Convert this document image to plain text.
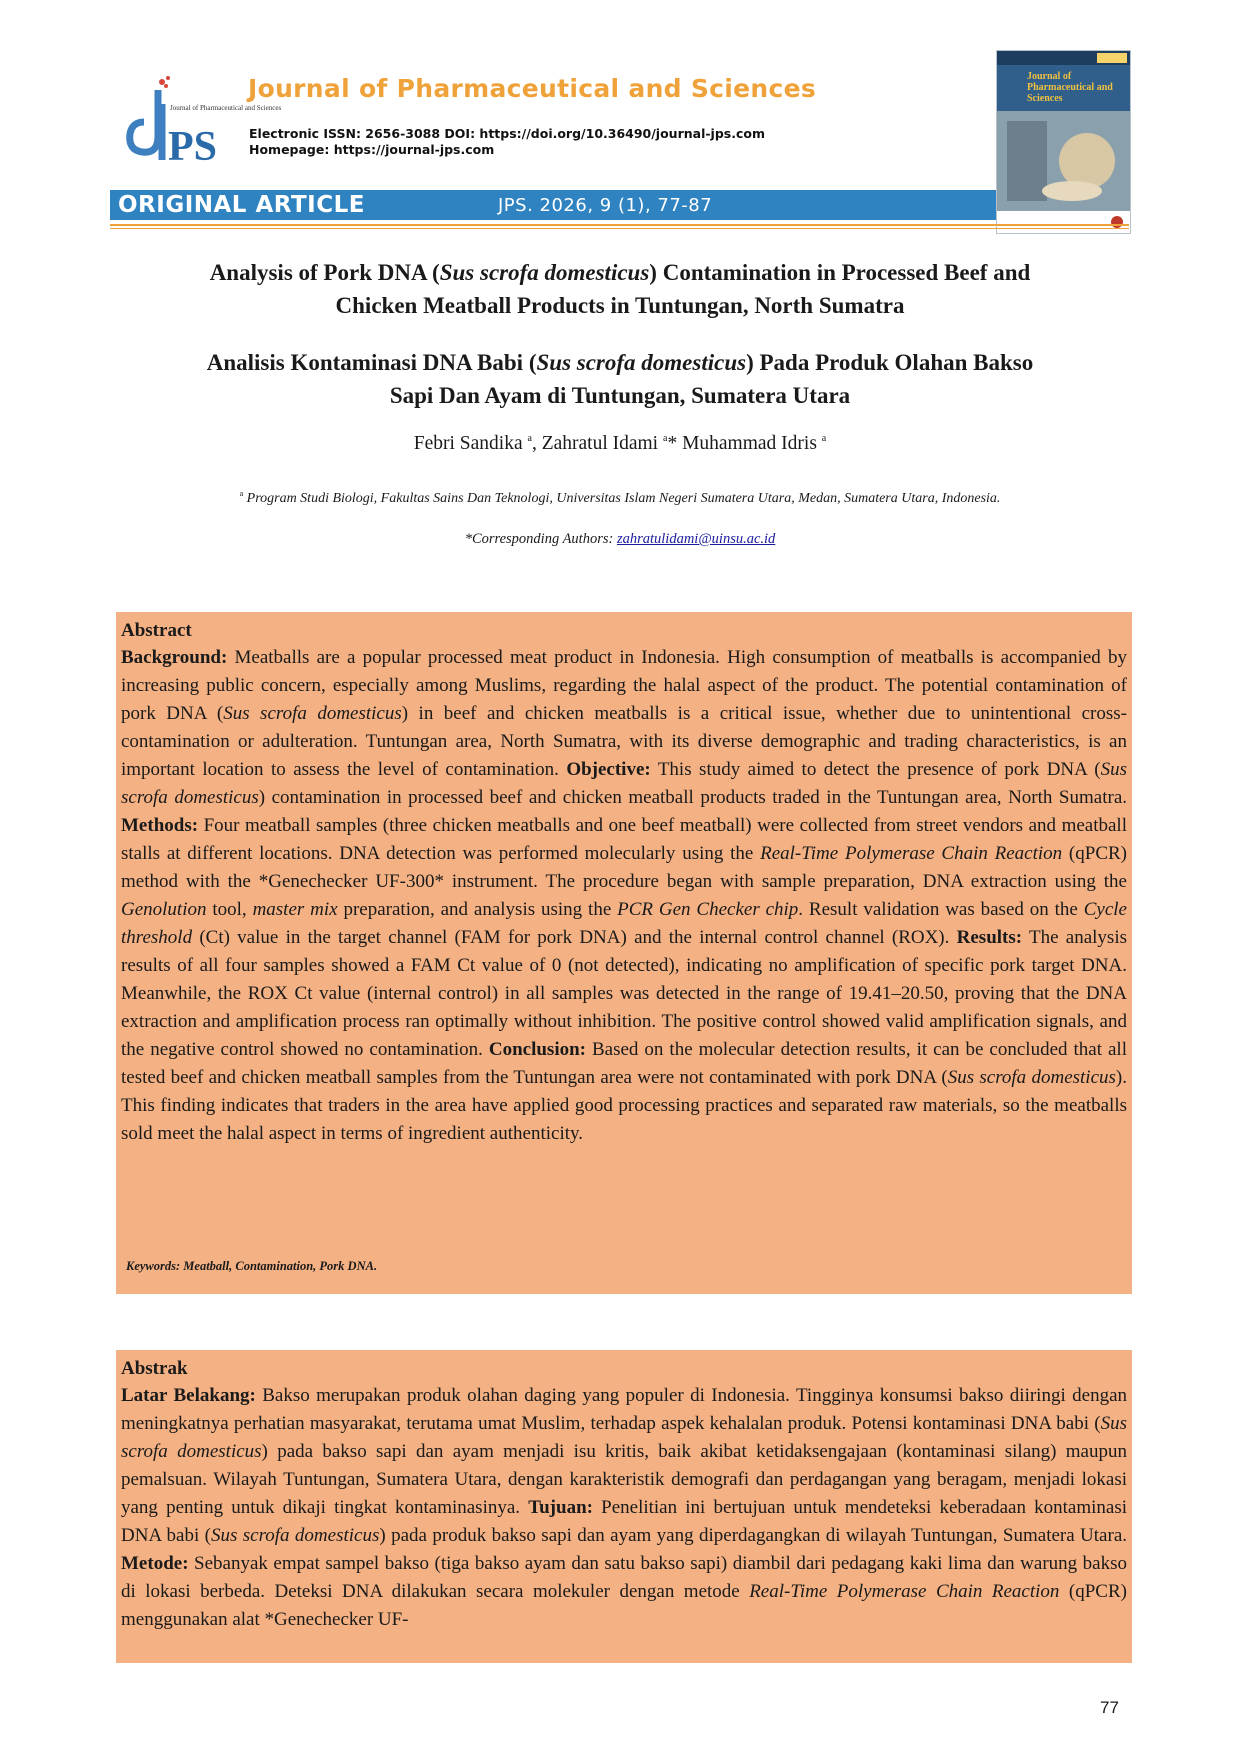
Journal of Pharmaceutical and Sciences
PS
Journal of Pharmaceutical and Sciences
Electronic ISSN: 2656-3088 DOI: https://doi.org/10.36490/journal-jps.com
Homepage: https://journal-jps.com
Journal of Pharmaceutical and Sciences
ORIGINAL ARTICLE	JPS. 2026, 9 (1), 77-87
Analysis of Pork DNA (Sus scrofa domesticus) Contamination in Processed Beef and
Chicken Meatball Products in Tuntungan, North Sumatra
Analisis Kontaminasi DNA Babi (Sus scrofa domesticus) Pada Produk Olahan Bakso
Sapi Dan Ayam di Tuntungan, Sumatera Utara
Febri Sandika $^a$, Zahratul Idami $^a$* Muhammad Idris $^a$
$^a$ Program Studi Biologi, Fakultas Sains Dan Teknologi, Universitas Islam Negeri Sumatera Utara, Medan, Sumatera Utara, Indonesia.
*Corresponding Authors: zahratulidami@uinsu.ac.id
Abstract
Background: Meatballs are a popular processed meat product in Indonesia. High consumption of meatballs is accompanied by increasing public concern, especially among Muslims, regarding the halal aspect of the product. The potential contamination of pork DNA (Sus scrofa domesticus) in beef and chicken meatballs is a critical issue, whether due to unintentional cross-contamination or adulteration. Tuntungan area, North Sumatra, with its diverse demographic and trading characteristics, is an important location to assess the level of contamination. Objective: This study aimed to detect the presence of pork DNA (Sus scrofa domesticus) contamination in processed beef and chicken meatball products traded in the Tuntungan area, North Sumatra. Methods: Four meatball samples (three chicken meatballs and one beef meatball) were collected from street vendors and meatball stalls at different locations. DNA detection was performed molecularly using the Real-Time Polymerase Chain Reaction (qPCR) method with the *Genechecker UF-300* instrument. The procedure began with sample preparation, DNA extraction using the Genolution tool, master mix preparation, and analysis using the PCR Gen Checker chip. Result validation was based on the Cycle threshold (Ct) value in the target channel (FAM for pork DNA) and the internal control channel (ROX). Results: The analysis results of all four samples showed a FAM Ct value of 0 (not detected), indicating no amplification of specific pork target DNA. Meanwhile, the ROX Ct value (internal control) in all samples was detected in the range of 19.41–20.50, proving that the DNA extraction and amplification process ran optimally without inhibition. The positive control showed valid amplification signals, and the negative control showed no contamination. Conclusion: Based on the molecular detection results, it can be concluded that all tested beef and chicken meatball samples from the Tuntungan area were not contaminated with pork DNA (Sus scrofa domesticus). This finding indicates that traders in the area have applied good processing practices and separated raw materials, so the meatballs sold meet the halal aspect in terms of ingredient authenticity.
Keywords: Meatball, Contamination, Pork DNA.
Abstrak
Latar Belakang: Bakso merupakan produk olahan daging yang populer di Indonesia. Tingginya konsumsi bakso diiringi dengan meningkatnya perhatian masyarakat, terutama umat Muslim, terhadap aspek kehalalan produk. Potensi kontaminasi DNA babi (Sus scrofa domesticus) pada bakso sapi dan ayam menjadi isu kritis, baik akibat ketidaksengajaan (kontaminasi silang) maupun pemalsuan. Wilayah Tuntungan, Sumatera Utara, dengan karakteristik demografi dan perdagangan yang beragam, menjadi lokasi yang penting untuk dikaji tingkat kontaminasinya. Tujuan: Penelitian ini bertujuan untuk mendeteksi keberadaan kontaminasi DNA babi (Sus scrofa domesticus) pada produk bakso sapi dan ayam yang diperdagangkan di wilayah Tuntungan, Sumatera Utara. Metode: Sebanyak empat sampel bakso (tiga bakso ayam dan satu bakso sapi) diambil dari pedagang kaki lima dan warung bakso di lokasi berbeda. Deteksi DNA dilakukan secara molekuler dengan metode Real-Time Polymerase Chain Reaction (qPCR) menggunakan alat *Genechecker UF-
77
